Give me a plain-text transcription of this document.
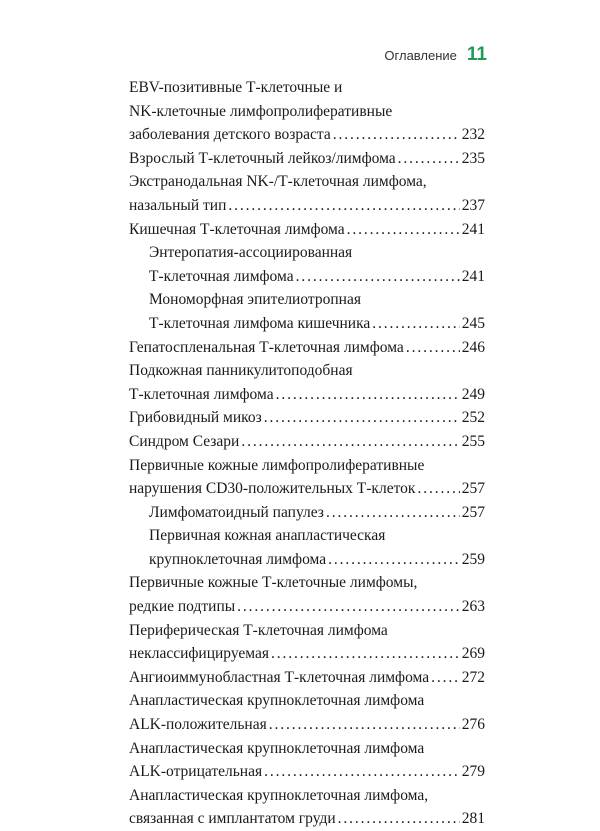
Оглавление 11
EBV-позитивные Т-клеточные и
NK-клеточные лимфопролиферативные
заболевания детского возраста . . .	232
Взрослый Т-клеточный лейкоз/лимфома . . .	235
Экстранодальная NK-/Т-клеточная лимфома,
назальный тип . . .	237
Кишечная Т-клеточная лимфома . . .	241
Энтеропатия-ассоциированная
Т-клеточная лимфома . . .	241
Мономорфная эпителиотропная
Т-клеточная лимфома кишечника . . .	245
Гепатоспленальная Т-клеточная лимфома . . .	246
Подкожная панникулитоподобная
Т-клеточная лимфома . . .	249
Грибовидный микоз . . .	252
Синдром Сезари . . .	255
Первичные кожные лимфопролиферативные
нарушения CD30-положительных Т-клеток . . .	257
Лимфоматоидный папулез . . .	257
Первичная кожная анапластическая
крупноклеточная лимфома . . .	259
Первичные кожные Т-клеточные лимфомы,
редкие подтипы . . .	263
Периферическая Т-клеточная лимфома
неклассифицируемая . . .	269
Ангиоиммунобластная Т-клеточная лимфома . . . 272
Анапластическая крупноклеточная лимфома
ALK-положительная . . .	276
Анапластическая крупноклеточная лимфома
ALK-отрицательная . . .	279
Анапластическая крупноклеточная лимфома,
связанная с имплантатом груди . . .	281
